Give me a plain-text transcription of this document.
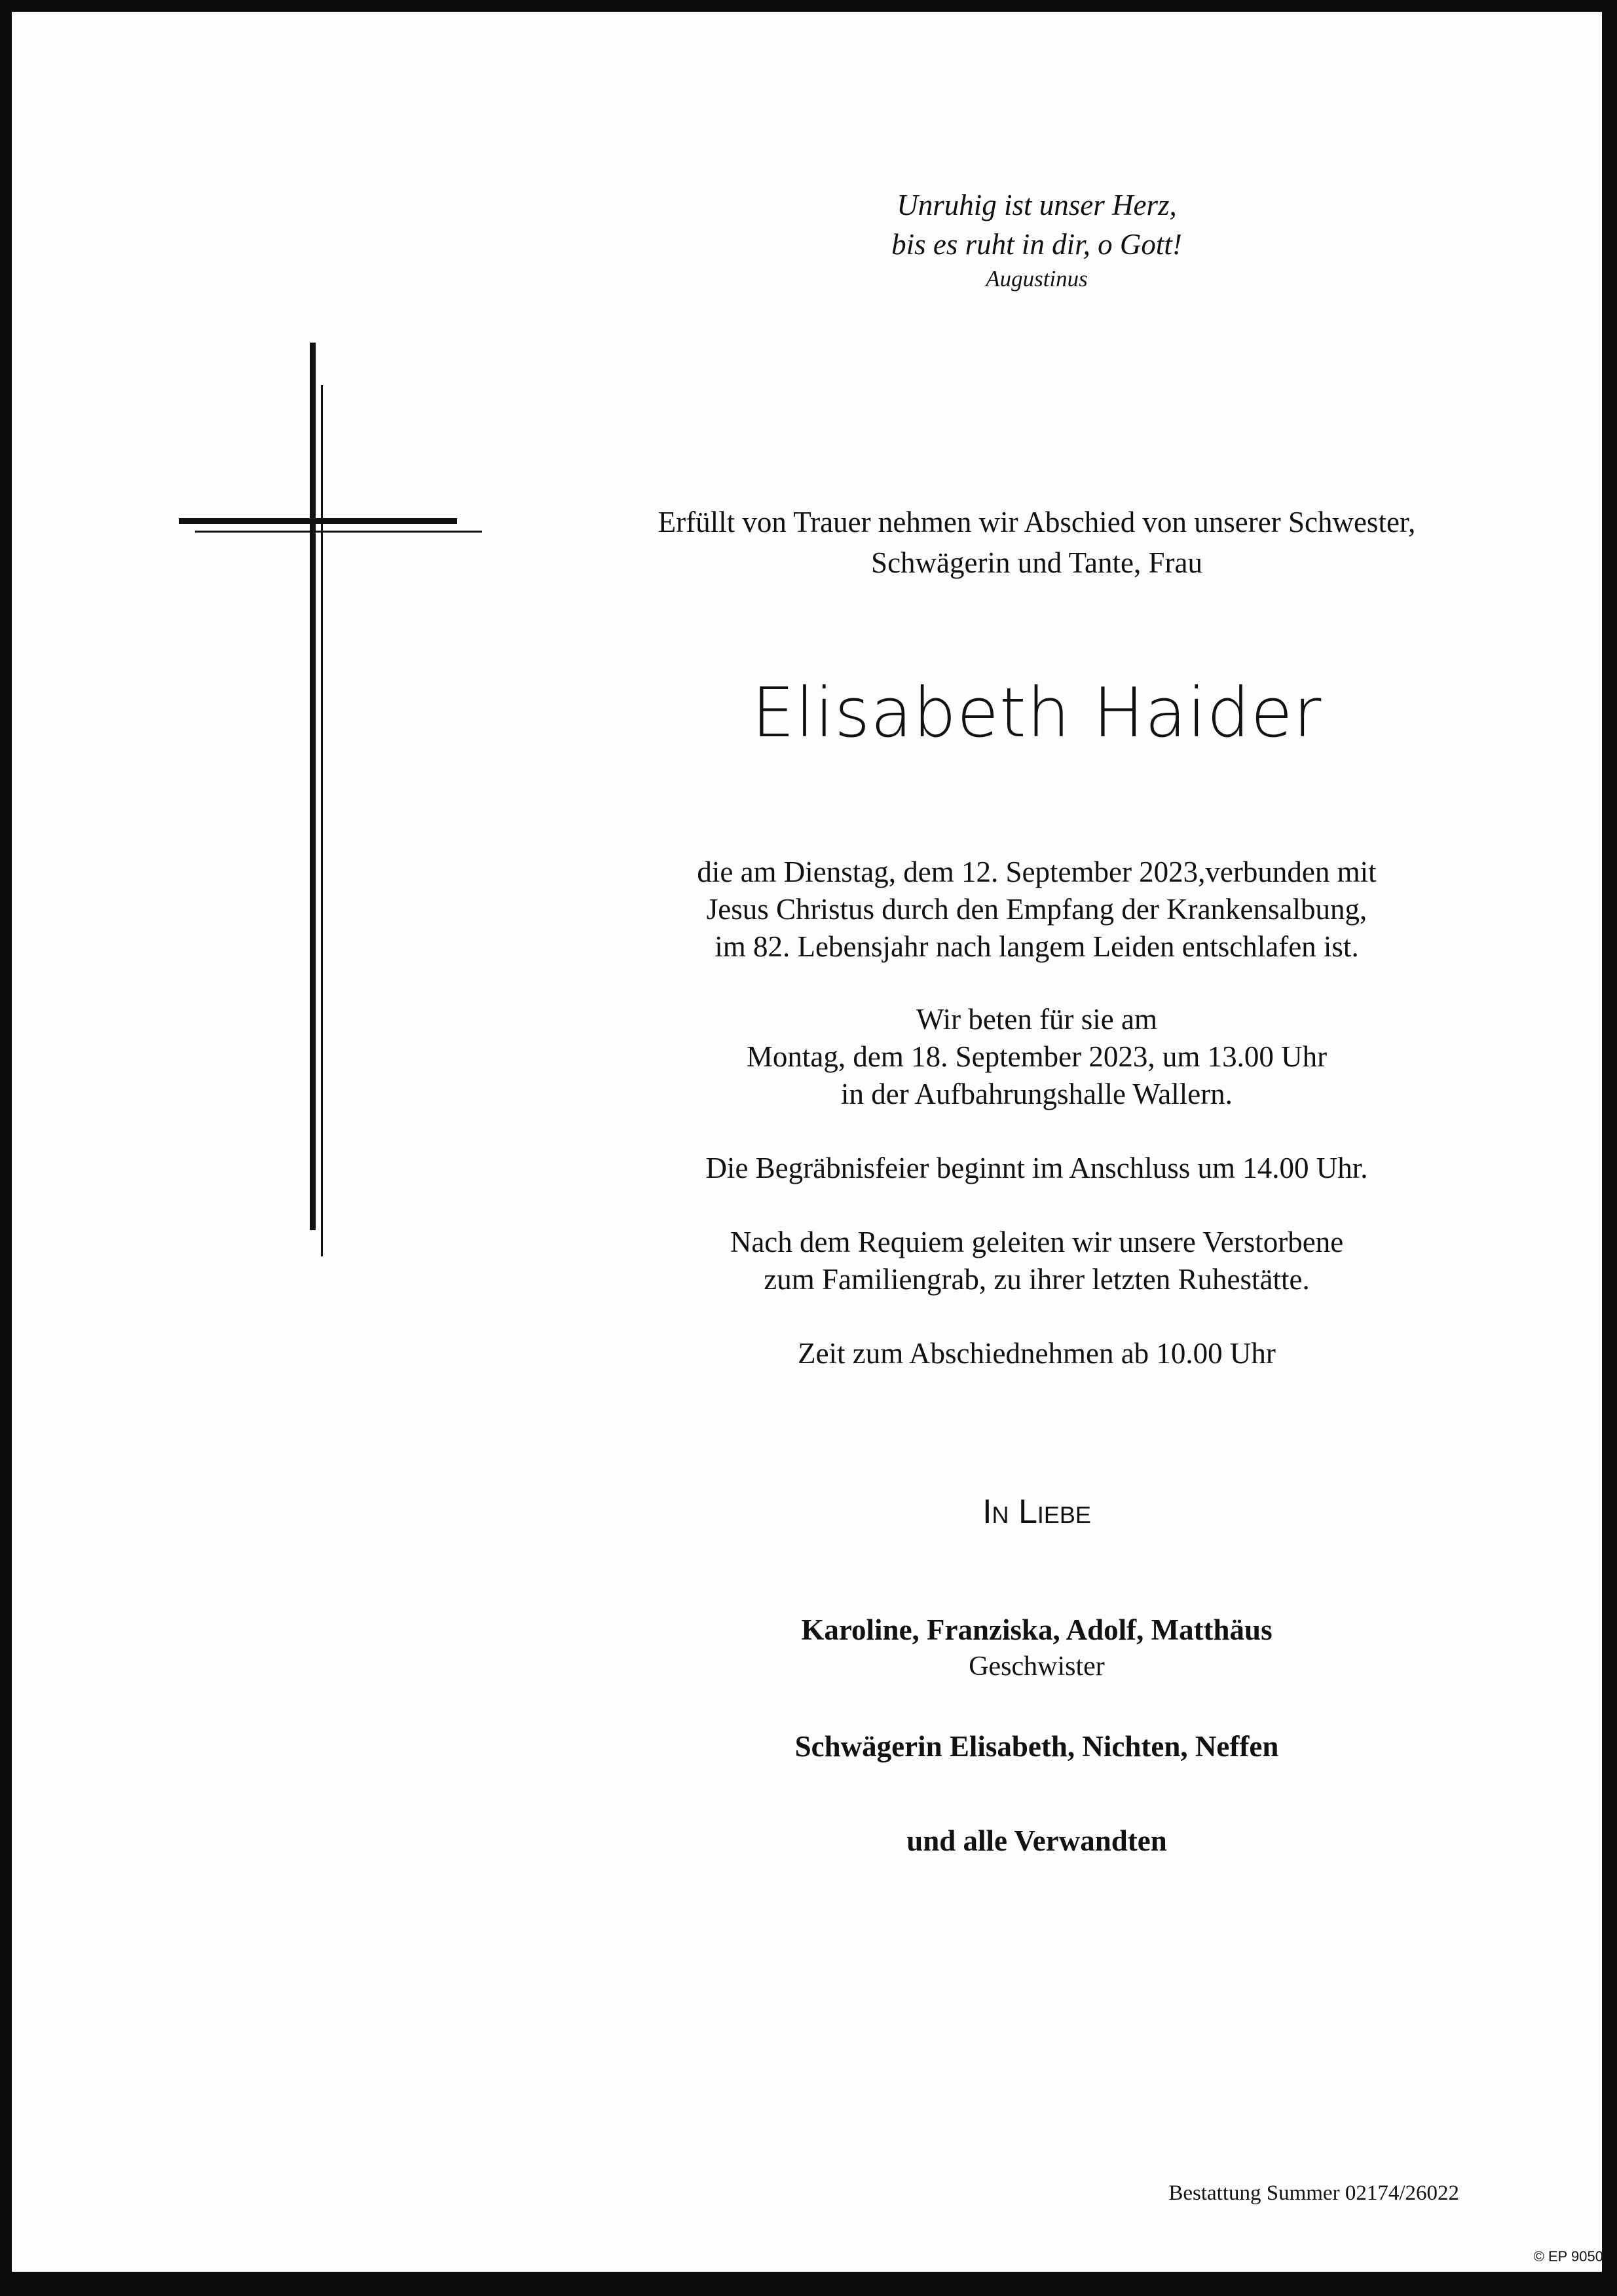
Unruhig ist unser Herz,
bis es ruht in dir, o Gott!
Augustinus
Erfüllt von Trauer nehmen wir Abschied von unserer Schwester,
Schwägerin und Tante, Frau
Elisabeth Haider
die am Dienstag, dem 12. September 2023,verbunden mit
Jesus Christus durch den Empfang der Krankensalbung,
im 82. Lebensjahr nach langem Leiden entschlafen ist.
Wir beten für sie am
Montag, dem 18. September 2023, um 13.00 Uhr
in der Aufbahrungshalle Wallern.
Die Begräbnisfeier beginnt im Anschluss um 14.00 Uhr.
Nach dem Requiem geleiten wir unsere Verstorbene
zum Familiengrab, zu ihrer letzten Ruhestätte.
Zeit zum Abschiednehmen ab 10.00 Uhr
In Liebe
Karoline, Franziska, Adolf, Matthäus
Geschwister
Schwägerin Elisabeth, Nichten, Neffen
und alle Verwandten
Bestattung Summer 02174/26022
© EP 9050
